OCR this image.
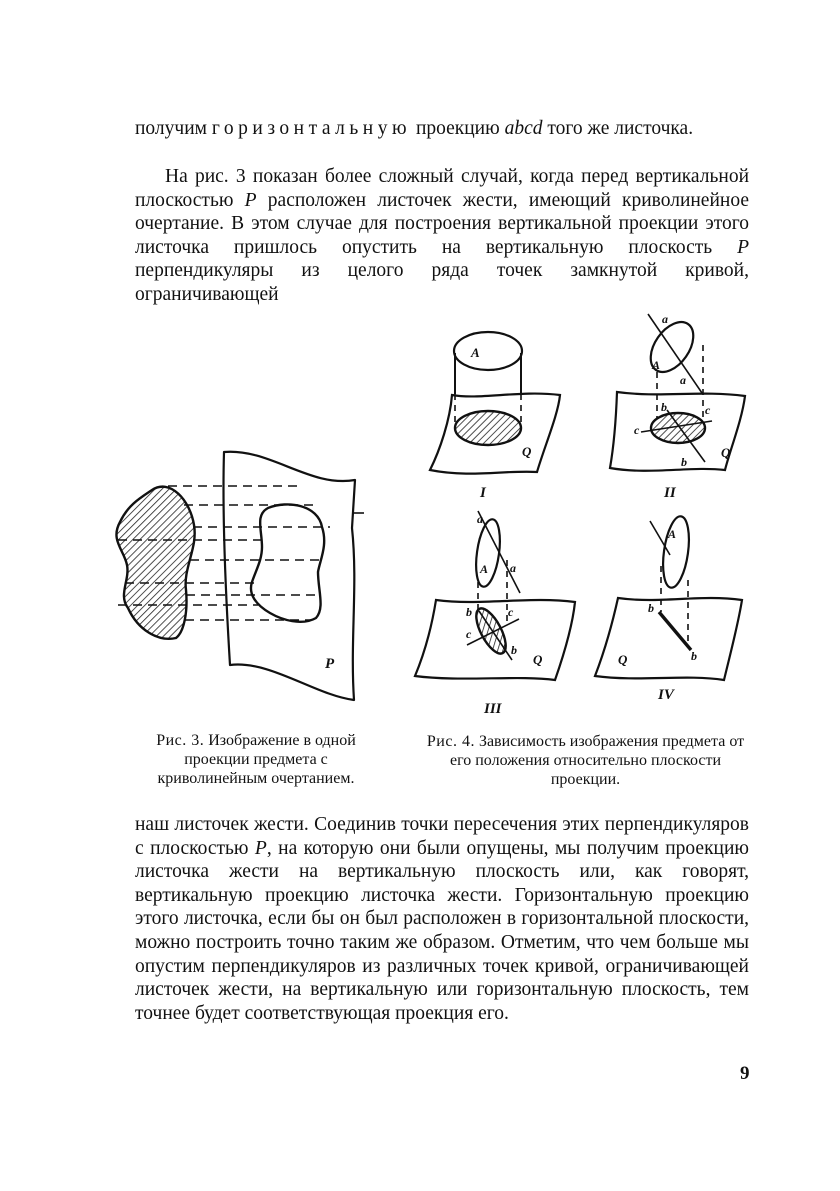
получим горизонтальную проекцию abcd того же листочка.
На рис. 3 показан более сложный случай, когда перед вертикальной плоскостью P расположен листочек жести, имеющий криволинейное очертание. В этом случае для построения вертикальной проекции этого листочка пришлось опустить на вертикальную плоскость P перпендикуляры из целого ряда точек замкнутой кривой, ограничивающей
P
A
Q
I
a
A
a
b	c
c
b
Q
II
a
A a
b	c
c
b
Q
III
A
b
b
Q
IV
Рис. 3. Изображение в одной проекции предмета с криволинейным очертанием.
Рис. 4. Зависимость изображения предмета от его положения относительно плоскости проекции.
наш листочек жести. Соединив точки пересечения этих перпендикуляров с плоскостью P, на которую они были опущены, мы получим проекцию листочка жести на вертикальную плоскость или, как говорят, вертикальную проекцию листочка жести. Горизонтальную проекцию этого листочка, если бы он был расположен в горизонтальной плоскости, можно построить точно таким же образом. Отметим, что чем больше мы опустим перпендикуляров из различных точек кривой, ограничивающей листочек жести, на вертикальную или горизонтальную плоскость, тем точнее будет соответствующая проекция его.
9
